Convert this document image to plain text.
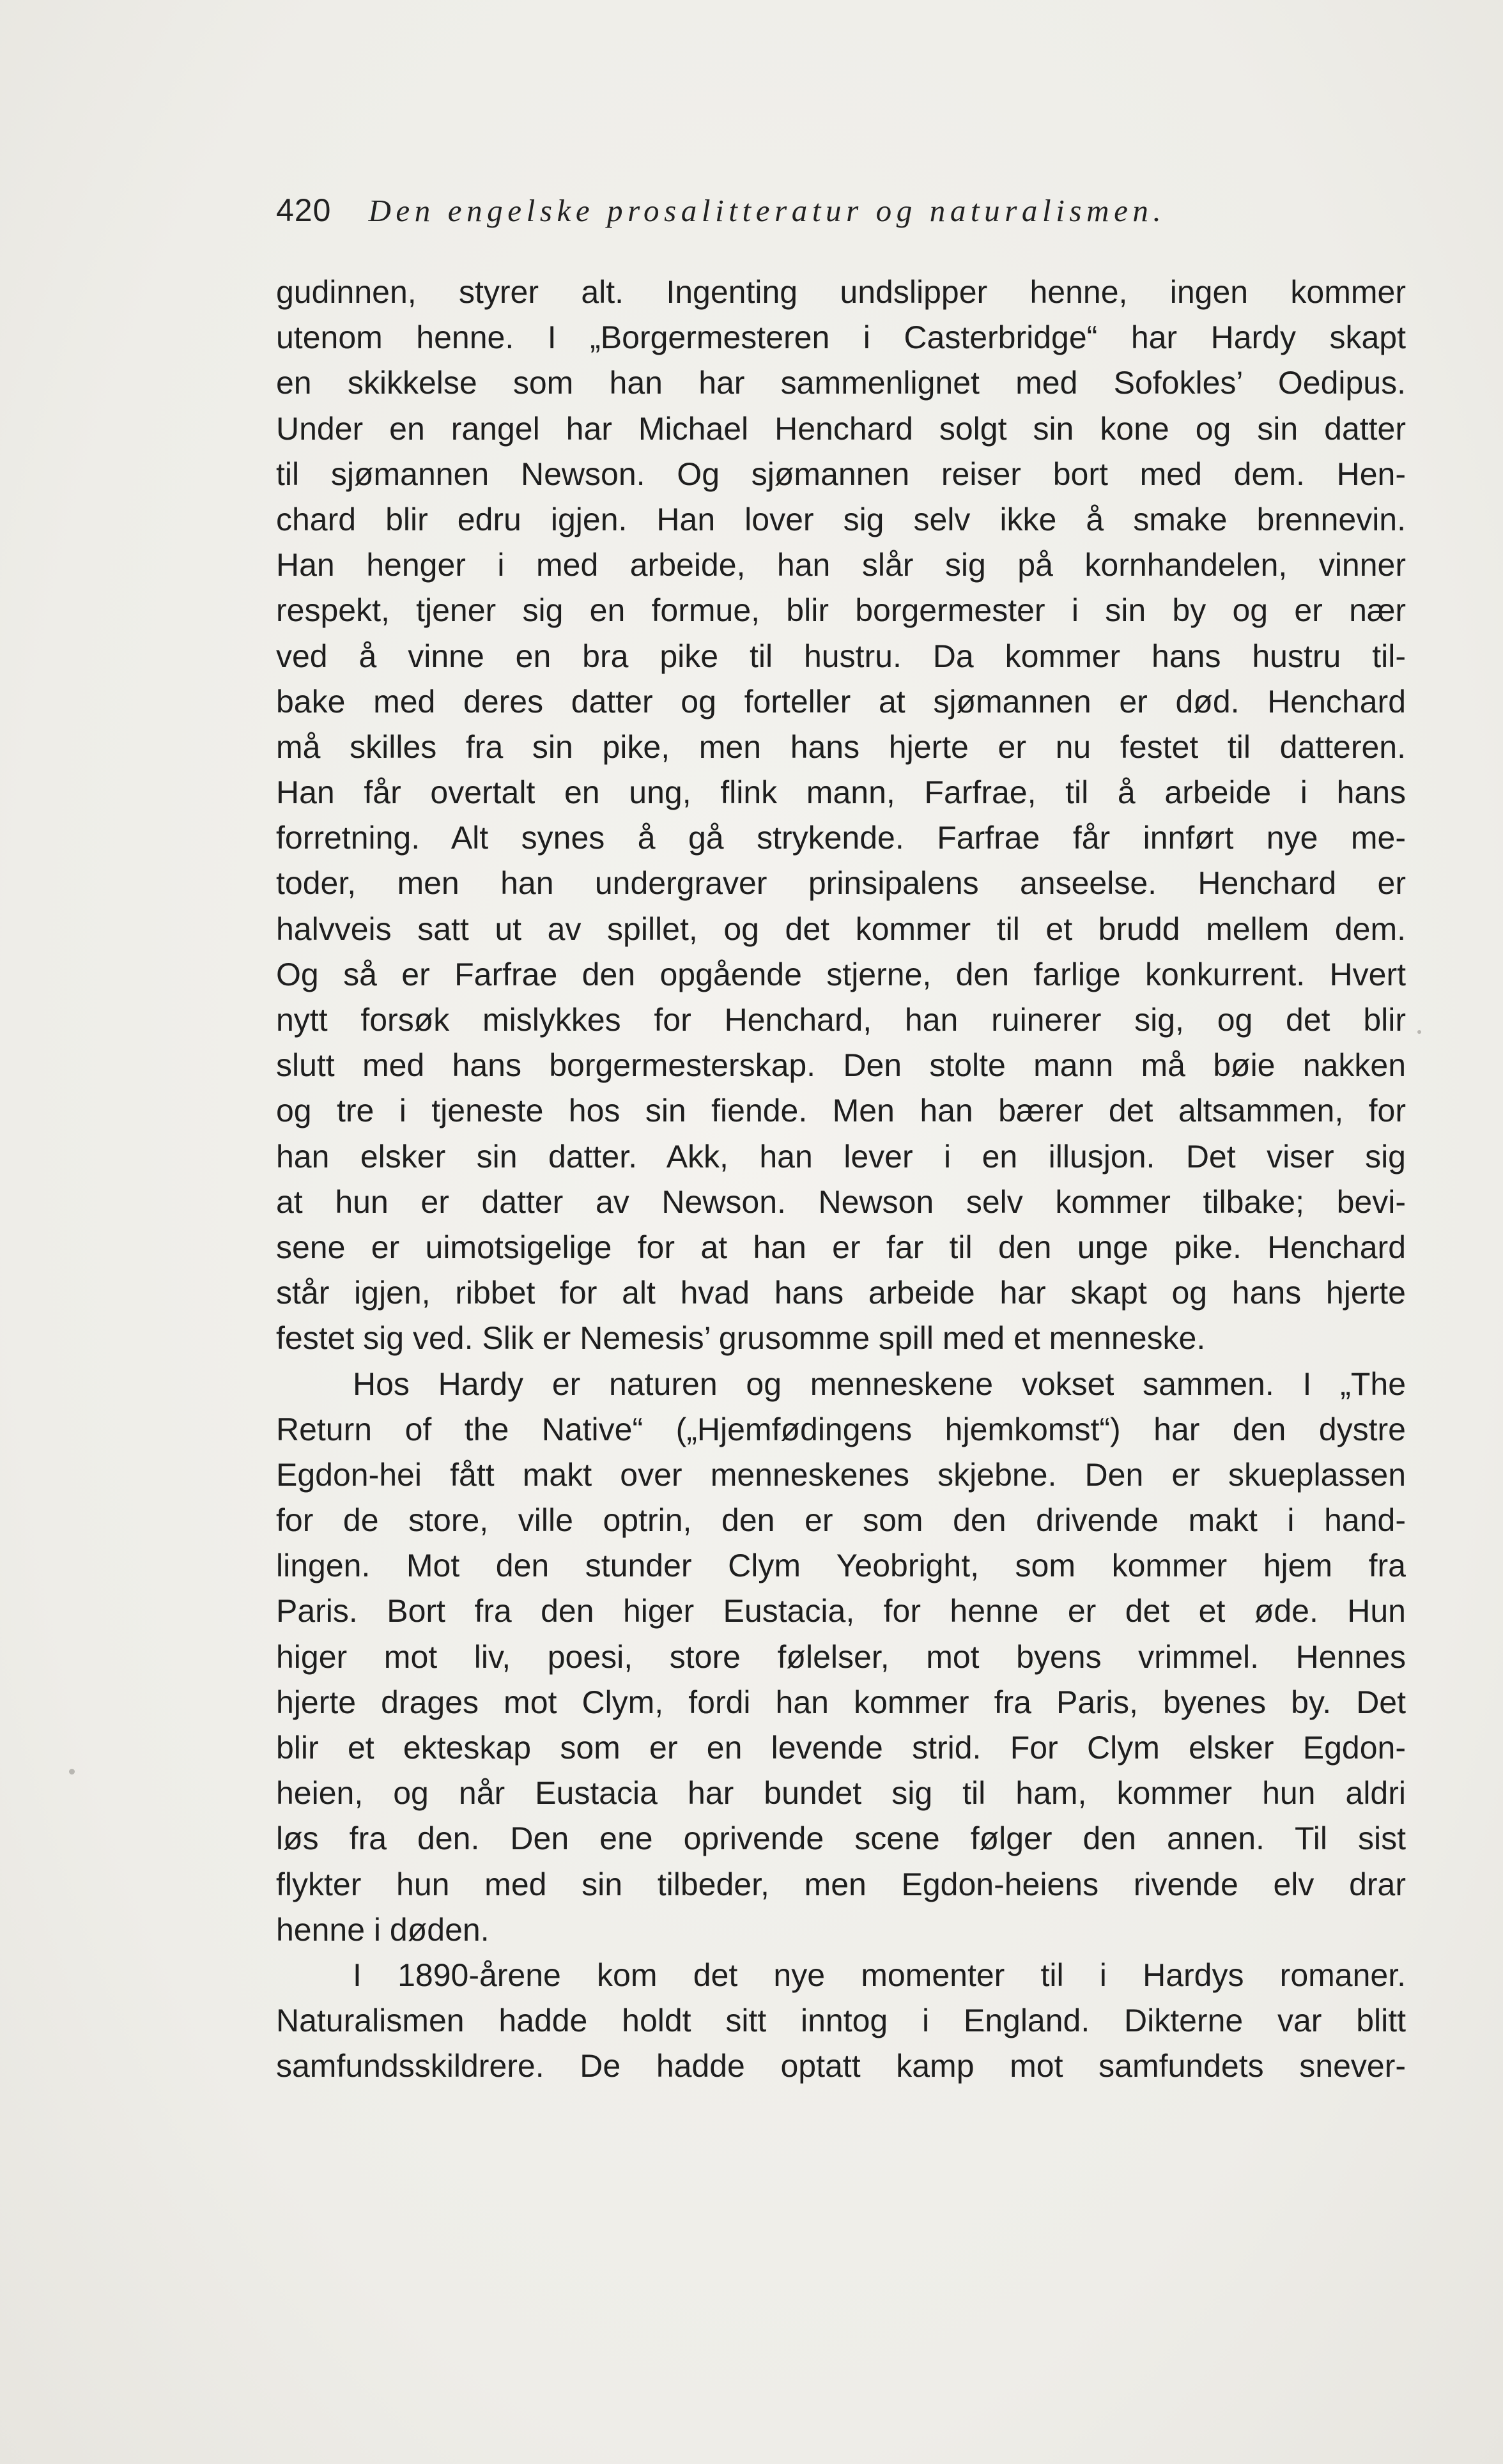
420 Den engelske prosalitteratur og naturalismen.
gudinnen, styrer alt. Ingenting undslipper henne, ingen kommer
utenom henne. I „Borgermesteren i Casterbridge“ har Hardy skapt
en skikkelse som han har sammenlignet med Sofokles’ Oedipus.
Under en rangel har Michael Henchard solgt sin kone og sin datter
til sjømannen Newson. Og sjømannen reiser bort med dem. Hen-
chard blir edru igjen. Han lover sig selv ikke å smake brennevin.
Han henger i med arbeide, han slår sig på kornhandelen, vinner
respekt, tjener sig en formue, blir borgermester i sin by og er nær
ved å vinne en bra pike til hustru. Da kommer hans hustru til-
bake med deres datter og forteller at sjømannen er død. Henchard
må skilles fra sin pike, men hans hjerte er nu festet til datteren.
Han får overtalt en ung, flink mann, Farfrae, til å arbeide i hans
forretning. Alt synes å gå strykende. Farfrae får innført nye me-
toder, men han undergraver prinsipalens anseelse. Henchard er
halvveis satt ut av spillet, og det kommer til et brudd mellem dem.
Og så er Farfrae den opgående stjerne, den farlige konkurrent. Hvert
nytt forsøk mislykkes for Henchard, han ruinerer sig, og det blir
slutt med hans borgermesterskap. Den stolte mann må bøie nakken
og tre i tjeneste hos sin fiende. Men han bærer det altsammen, for
han elsker sin datter. Akk, han lever i en illusjon. Det viser sig
at hun er datter av Newson. Newson selv kommer tilbake; bevi-
sene er uimotsigelige for at han er far til den unge pike. Henchard
står igjen, ribbet for alt hvad hans arbeide har skapt og hans hjerte
festet sig ved. Slik er Nemesis’ grusomme spill med et menneske.
Hos Hardy er naturen og menneskene vokset sammen. I „The
Return of the Native“ („Hjemfødingens hjemkomst“) har den dystre
Egdon-hei fått makt over menneskenes skjebne. Den er skueplassen
for de store, ville optrin, den er som den drivende makt i hand-
lingen. Mot den stunder Clym Yeobright, som kommer hjem fra
Paris. Bort fra den higer Eustacia, for henne er det et øde. Hun
higer mot liv, poesi, store følelser, mot byens vrimmel. Hennes
hjerte drages mot Clym, fordi han kommer fra Paris, byenes by. Det
blir et ekteskap som er en levende strid. For Clym elsker Egdon-
heien, og når Eustacia har bundet sig til ham, kommer hun aldri
løs fra den. Den ene oprivende scene følger den annen. Til sist
flykter hun med sin tilbeder, men Egdon-heiens rivende elv drar
henne i døden.
I 1890-årene kom det nye momenter til i Hardys romaner.
Naturalismen hadde holdt sitt inntog i England. Dikterne var blitt
samfundsskildrere. De hadde optatt kamp mot samfundets snever-
